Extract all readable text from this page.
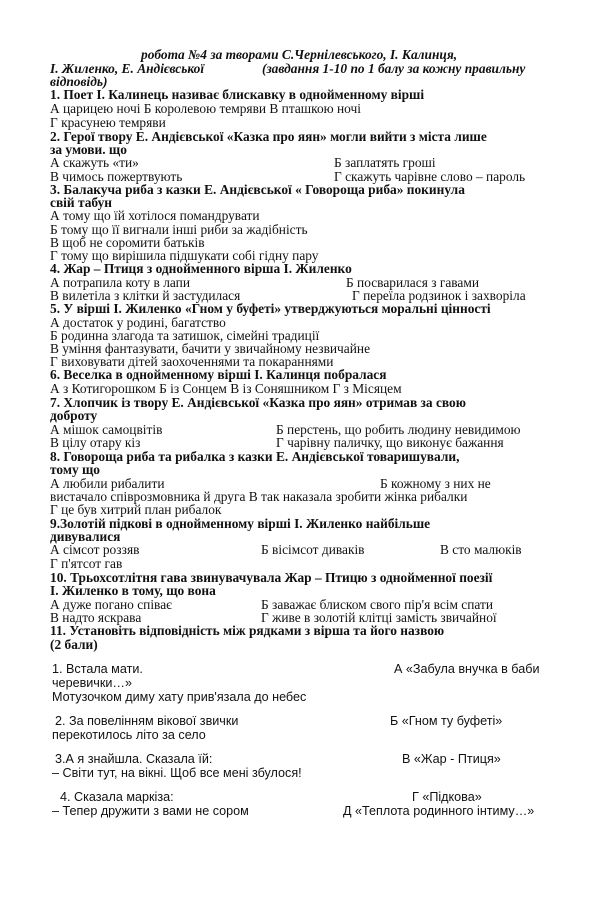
робота №4 за творами С.Чернілевського, І. Калинця,
І. Жиленко, Е. Андієвської	(завдання 1-10 по 1 балу за кожну правильну
відповідь)
1. Поет І. Калинець називає блискавку в однойменному вірші
А царицею ночі Б королевою темряви В пташкою ночі
Г красунею темряви
2. Герої твору Е. Андієвської «Казка про яян» могли вийти з міста лише
за умови. що
А скажуть «ти»	Б заплатять гроші
В чимось пожертвують	Г скажуть чарівне слово – пароль
3. Балакуча риба з казки Е. Андієвської « Говороща риба» покинула
свій табун
А тому що їй хотілося помандрувати
Б тому що її вигнали інші риби за жадібність
В щоб не соромити батьків
Г тому що вирішила підшукати собі гідну пару
4. Жар – Птиця з однойменного вірша І. Жиленко
А потрапила коту в лапи	Б посварилася з гавами
В вилетіла з клітки й застудилася	Г переїла родзинок і захворіла
5. У вірші І. Жиленко «Гном у буфеті» утверджуються моральні цінності
А достаток у родині, багатство
Б родинна злагода та затишок, сімейні традиції
В уміння фантазувати, бачити у звичайному незвичайне
Г виховувати дітей заохоченнями та покараннями
6. Веселка в однойменному вірші І. Калинця побралася
А з Котигорошком Б із Сонцем В із Соняшником Г з Місяцем
7. Хлопчик із твору Е. Андієвської «Казка про яян» отримав за свою
доброту
А мішок самоцвітів	Б перстень, що робить людину невидимою
В цілу отару кіз	Г чарівну паличку, що виконує бажання
8. Говороща риба та рибалка з казки Е. Андієвської товаришували,
тому що
А любили рибалити	Б кожному з них не
вистачало співрозмовника й друга В так наказала зробити жінка рибалки
Г це був хитрий план рибалок
9.Золотій підкові в однойменному вірші І. Жиленко найбільше
дивувалися
А сімсот роззяв	Б вісімсот диваків	В сто малюків
Г п'ятсот гав
10. Трьохсотлітня гава звинувачувала Жар – Птицю з однойменної поезії
І. Жиленко в тому, що вона
А дуже погано співає	Б заважає блиском свого пір'я всім спати
В надто яскрава	Г живе в золотій клітці замість звичайної
11. Установіть відповідність між рядками з вірша та його назвою
(2 бали)
1. Встала мати.	А «Забула внучка в баби
черевички…»
Мотузочком диму хату прив'язала до небес
2. За повелінням вікової звички	Б «Гном ту буфеті»
перекотилось літо за село
3.А я знайшла. Сказала їй:	В «Жар - Птиця»
– Світи тут, на вікні. Щоб все мені збулося!
4. Сказала маркіза:	Г «Підкова»
– Тепер дружити з вами не сором	Д «Теплота родинного інтиму…»
